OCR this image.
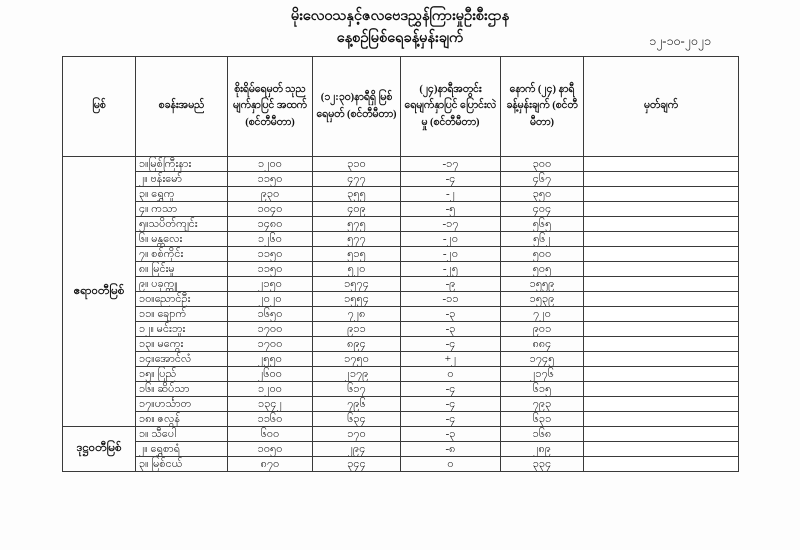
မိုးလေဝသနှင့်ဇလဗေဒညွှန်ကြားမှုဦးစီးဌာန
နေ့စဉ်မြစ်ရေခန့်မှန်းချက်	၁၂-၁၀-၂၀၂၁
မြစ်	စခန်းအမည်	စိုးရိမ်ရေမှတ် သုည မျက်နှာပြင် အထက် (စင်တီမီတာ)	(၁၂:၃၀)နာရီရှိ မြစ်ရေမှတ် (စင်တီမီတာ)	(၂၄)နာရီအတွင်း ရေမျက်နှာပြင် ပြောင်းလဲမှု (စင်တီမီတာ)	နောက် (၂၄) နာရီ ခန့်မှန်းချက် (စင်တီမီတာ)	မှတ်ချက်
ဧရာဝတီမြစ်	၁။မြစ်ကြီးနား	၁၂၀၀	၃၁၀	-၁၇	၃၀၀	
	၂။ ဗန်းမော်	၁၁၅၀	၄၇၇	-၄	၄၆၇	
	၃။ ရွှေကူ	၉၃၀	၃၅၅	-၂	၃၅၀	
	၄။ ကသာ	၁၀၄၀	၄၀၉	-၅	၄၀၄	
	၅။သပိတ်ကျင်း	၁၄၈၀	၅၇၅	-၁၇	၅၆၅	
	၆။ မန္တလေး	၁၂၆၀	၅၇၇	-၂၀	၅၆၂	
	၇။ စစ်ကိုင်း	၁၁၅၀	၅၁၅	-၂၀	၅၀၀	
	၈။ မြင်းမူ	၁၁၅၀	၅၂၀	-၂၅	၅၀၅	
	၉။ ပခုက္ကူ	၂၁၅၀	၁၅၇၄	-၉	၁၅၅၉	
	၁၀။ညောင်ဦး	၂၀၂၀	၁၅၅၄	-၁၁	၁၅၃၉	
	၁၁။ ချောက်	၁၆၅၀	၇၂၈	-၃	၇၂၀	
	၁၂။ မင်းဘူး	၁၇၀၀	၉၁၁	-၃	၉၀၁	
	၁၃။ မကွေး	၁၇၀၀	၈၉၄	-၄	၈၈၄	
	၁၄။အောင်လံ	၂၅၅၀	၁၇၅၀	+၂	၁၇၄၅	
	၁၅။ ပြည်	၂၆၀၀	၂၁၇၉	၀	၂၁၇၆	
	၁၆။ ဆိပ်သာ	၁၂၀၀	၆၁၇	-၄	၆၁၅	
	၁၇။ဟင်္သာတ	၁၃၄၂	၇၉၆	-၄	၇၉၃	
	၁၈။ ဇလွန်	၁၁၆၀	၆၃၄	-၄	၆၃၁	
ဒုဋ္ဌဝတီမြစ်	၁။ သီပေါ	၆၀၀	၁၇၀	-၃	၁၆၈	
	၂။ ရွှေစာရံ	၁၀၅၀	၂၉၄	-၈	၂၈၉	
	၃။ မြစ်ငယ်	၈၇၀	၃၄၄	၀	၃၃၄	
